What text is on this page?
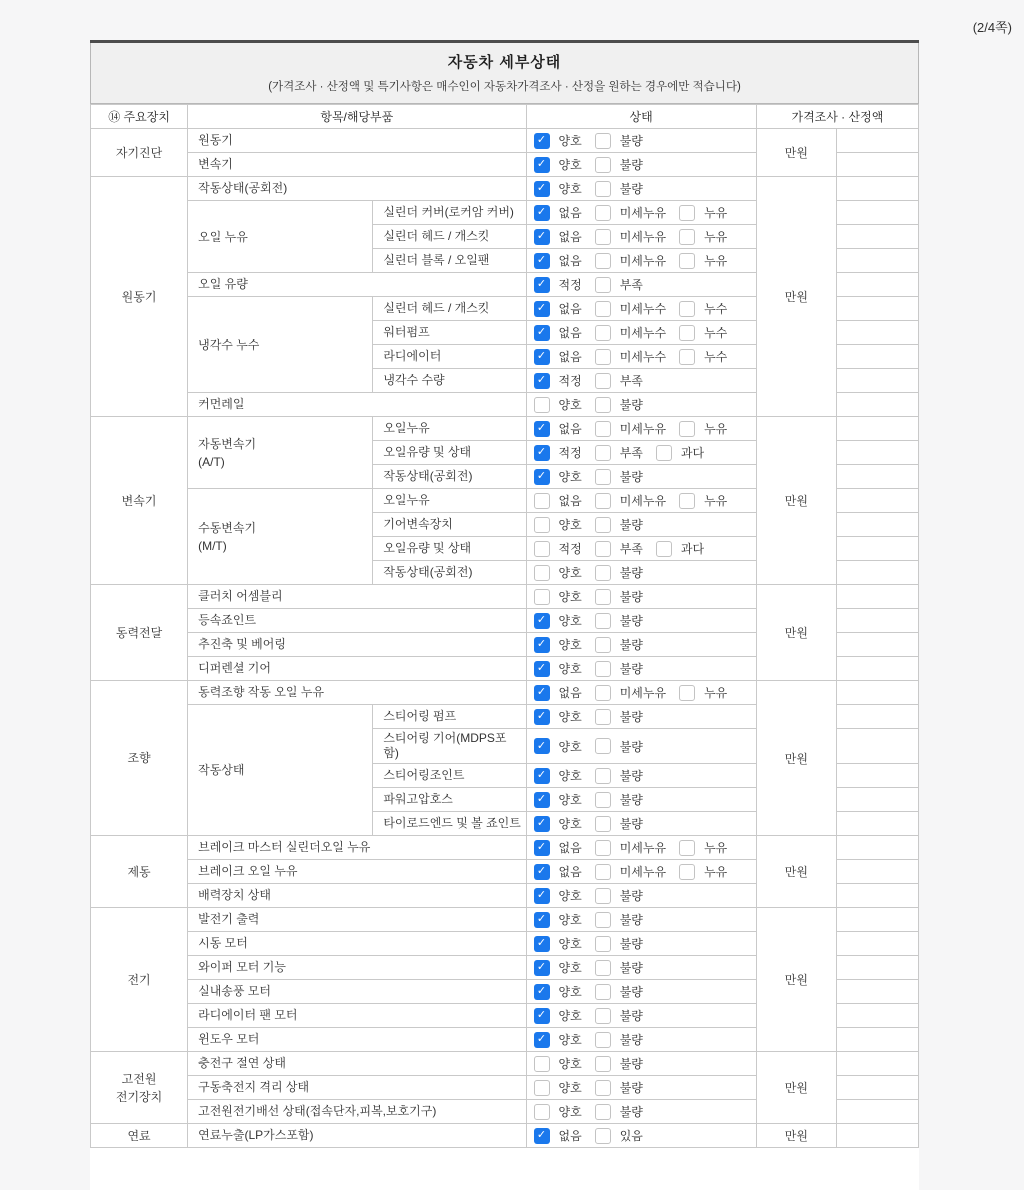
(2/4쪽)
자동차 세부상태
(가격조사 · 산정액 및 특기사항은 매수인이 자동차가격조사 · 산정을 원하는 경우에만 적습니다)
⑭ 주요장치	항목/해당부품		상태	가격조사 · 산정액	
자기진단	원동기		✓ 양호 불량	만원	
	변속기		✓ 양호 불량		

원동기	작동상태(공회전)		✓ 양호 불량	만원	
	오일 누유	실린더 커버(로커암 커버)	✓ 없음 미세누유 누유		

		실린더 헤드 / 개스킷	✓ 없음 미세누유 누유		

		실린더 블록 / 오일팬	✓ 없음 미세누유 누유		

	오일 유량		✓ 적정 부족		

	냉각수 누수	실린더 헤드 / 개스킷	✓ 없음 미세누수 누수		

		워터펌프	✓ 없음 미세누수 누수		

		라디에이터	✓ 없음 미세누수 누수		

		냉각수 수량	✓ 적정 부족		

	커먼레일		양호 불량		

변속기	자동변속기
(A/T)	오일누유	✓ 없음 미세누유 누유	만원	
		오일유량 및 상태	✓ 적정 부족 과다		

		작동상태(공회전)	✓ 양호 불량		

	수동변속기
(M/T)	오일누유	없음 미세누유 누유		

		기어변속장치	양호 불량		

		오일유량 및 상태	적정 부족 과다		

		작동상태(공회전)	양호 불량		

동력전달	클러치 어셈블리		양호 불량	만원	
	등속죠인트		✓ 양호 불량		

	추진축 및 베어링		✓ 양호 불량		

	디퍼렌셜 기어		✓ 양호 불량		

조향	동력조향 작동 오일 누유		✓ 없음 미세누유 누유	만원	
	작동상태	스티어링 펌프	✓ 양호 불량		

		스티어링 기어(MDPS포함)	✓ 양호 불량		

		스티어링조인트	✓ 양호 불량		

		파워고압호스	✓ 양호 불량		

		타이로드엔드 및 볼 죠인트	✓ 양호 불량		

제동	브레이크 마스터 실린더오일 누유		✓ 없음 미세누유 누유	만원	
	브레이크 오일 누유		✓ 없음 미세누유 누유		

	배력장치 상태		✓ 양호 불량		

전기	발전기 출력		✓ 양호 불량	만원	
	시동 모터		✓ 양호 불량		

	와이퍼 모터 기능		✓ 양호 불량		

	실내송풍 모터		✓ 양호 불량		

	라디에이터 팬 모터		✓ 양호 불량		

	윈도우 모터		✓ 양호 불량		

고전원
전기장치	충전구 절연 상태		양호 불량	만원	
	구동축전지 격리 상태		양호 불량		

	고전원전기배선 상태(접속단자,피복,보호기구)		양호 불량		

연료	연료누출(LP가스포함)		✓ 없음 있음	만원	
